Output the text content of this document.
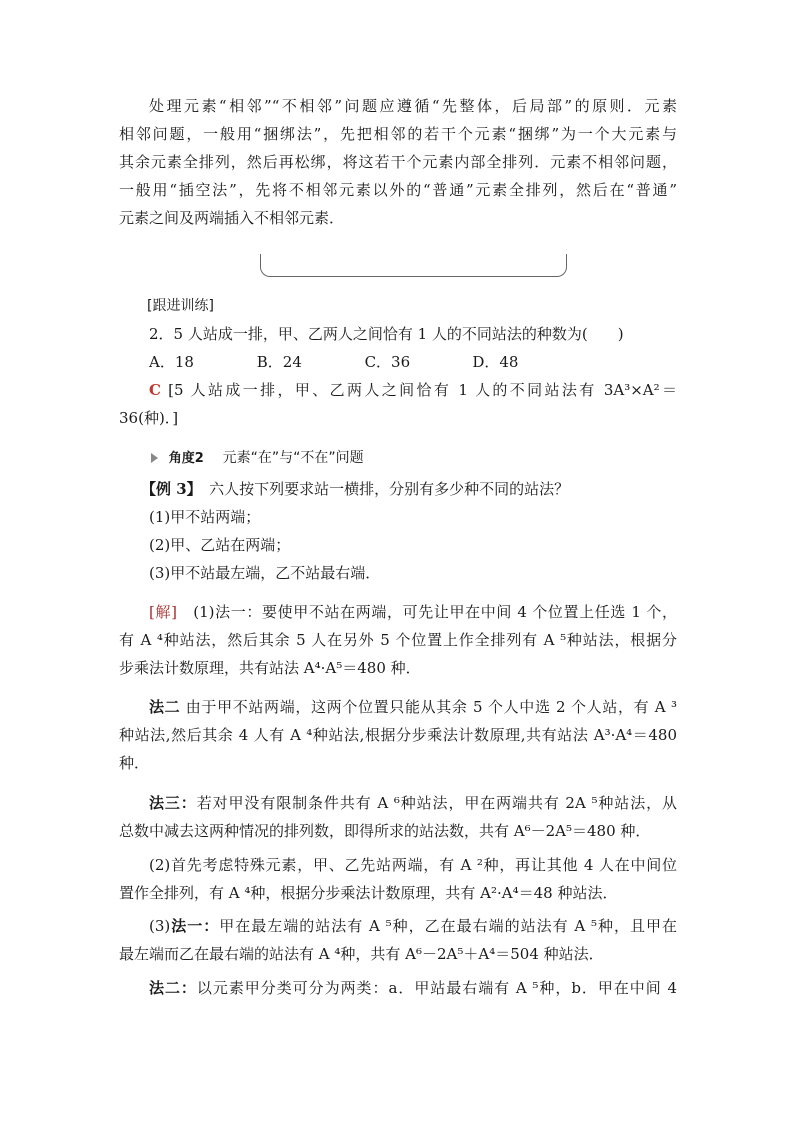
处理元素“相邻”“不相邻”问题应遵循“先整体，后局部”的原则．元素
相邻问题，一般用“捆绑法”，先把相邻的若干个元素“捆绑”为一个大元素与
其余元素全排列，然后再松绑，将这若干个元素内部全排列．元素不相邻问题，
一般用“插空法”，先将不相邻元素以外的“普通”元素全排列，然后在“普通”
元素之间及两端插入不相邻元素．
[跟进训练]
2．5 人站成一排，甲、乙两人之间恰有 1 人的不同站法的种数为(　　)
A．18	B．24	C．36	D．48
C [5 人站成一排，甲、乙两人之间恰有 1 人的不同站法有 3A³×A²＝
36(种)．]
角度2 元素“在”与“不在”问题
【例 3】　六人按下列要求站一横排，分别有多少种不同的站法？
(1)甲不站两端；
(2)甲、乙站在两端；
(3)甲不站最左端，乙不站最右端．
[解]　(1)法一：要使甲不站在两端，可先让甲在中间 4 个位置上任选 1 个，
有 A ⁴种站法，然后其余 5 人在另外 5 个位置上作全排列有 A ⁵种站法，根据分
步乘法计数原理，共有站法 A⁴·A⁵＝480 种．
法二 由于甲不站两端，这两个位置只能从其余 5 个人中选 2 个人站，有 A ³
种站法,然后其余 4 人有 A ⁴种站法,根据分步乘法计数原理,共有站法 A³·A⁴＝480
种．
法三：若对甲没有限制条件共有 A ⁶种站法，甲在两端共有 2A ⁵种站法，从
总数中减去这两种情况的排列数，即得所求的站法数，共有 A⁶－2A⁵＝480 种．
(2)首先考虑特殊元素，甲、乙先站两端，有 A ²种，再让其他 4 人在中间位
置作全排列，有 A ⁴种，根据分步乘法计数原理，共有 A²·A⁴＝48 种站法．
(3)法一：甲在最左端的站法有 A ⁵种，乙在最右端的站法有 A ⁵种，且甲在
最左端而乙在最右端的站法有 A ⁴种，共有 A⁶－2A⁵＋A⁴＝504 种站法．
法二：以元素甲分类可分为两类：a．甲站最右端有 A ⁵种，b．甲在中间 4
